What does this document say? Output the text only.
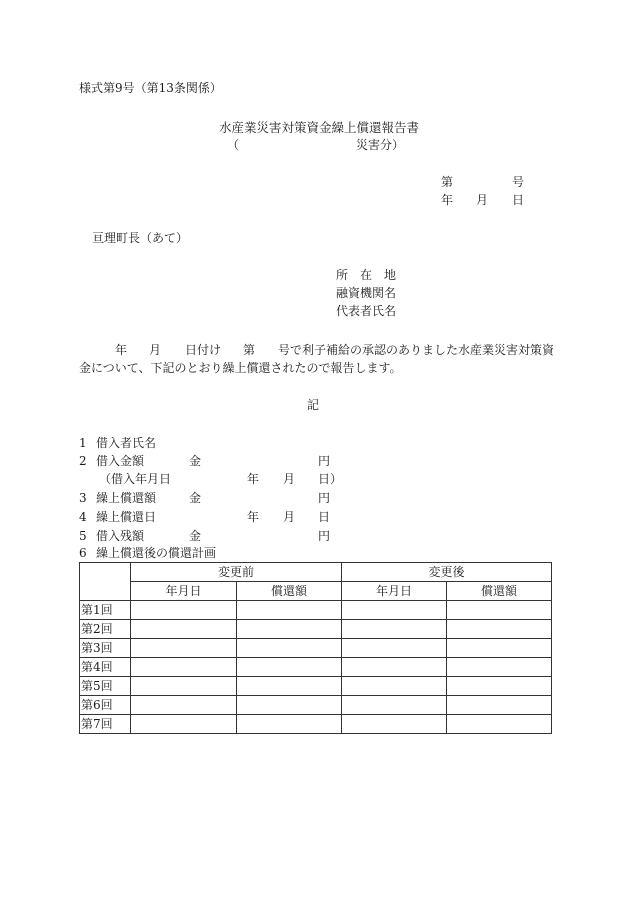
様式第9号（第13条関係）
水産業災害対策資金繰上償還報告書
（	災害分）
第	号
年 月 日
亘理町長（あて）
所　在　地
融資機関名
代表者氏名
年 月 日付け 第 号で利子補給の承認のありました水産業災害対策資
金について、下記のとおり繰上償還されたので報告します。
記
1 借入者氏名
2 借入金額	金	円
（借入年月日	年 月 日）
3 繰上償還額	金	円
4 繰上償還日	年 月 日
5 借入残額	金	円
6 繰上償還後の償還計画
	変更前		変更後	
	年月日	償還額	年月日	償還額
第1回				
第2回				
第3回				
第4回				
第5回				
第6回				
第7回				
